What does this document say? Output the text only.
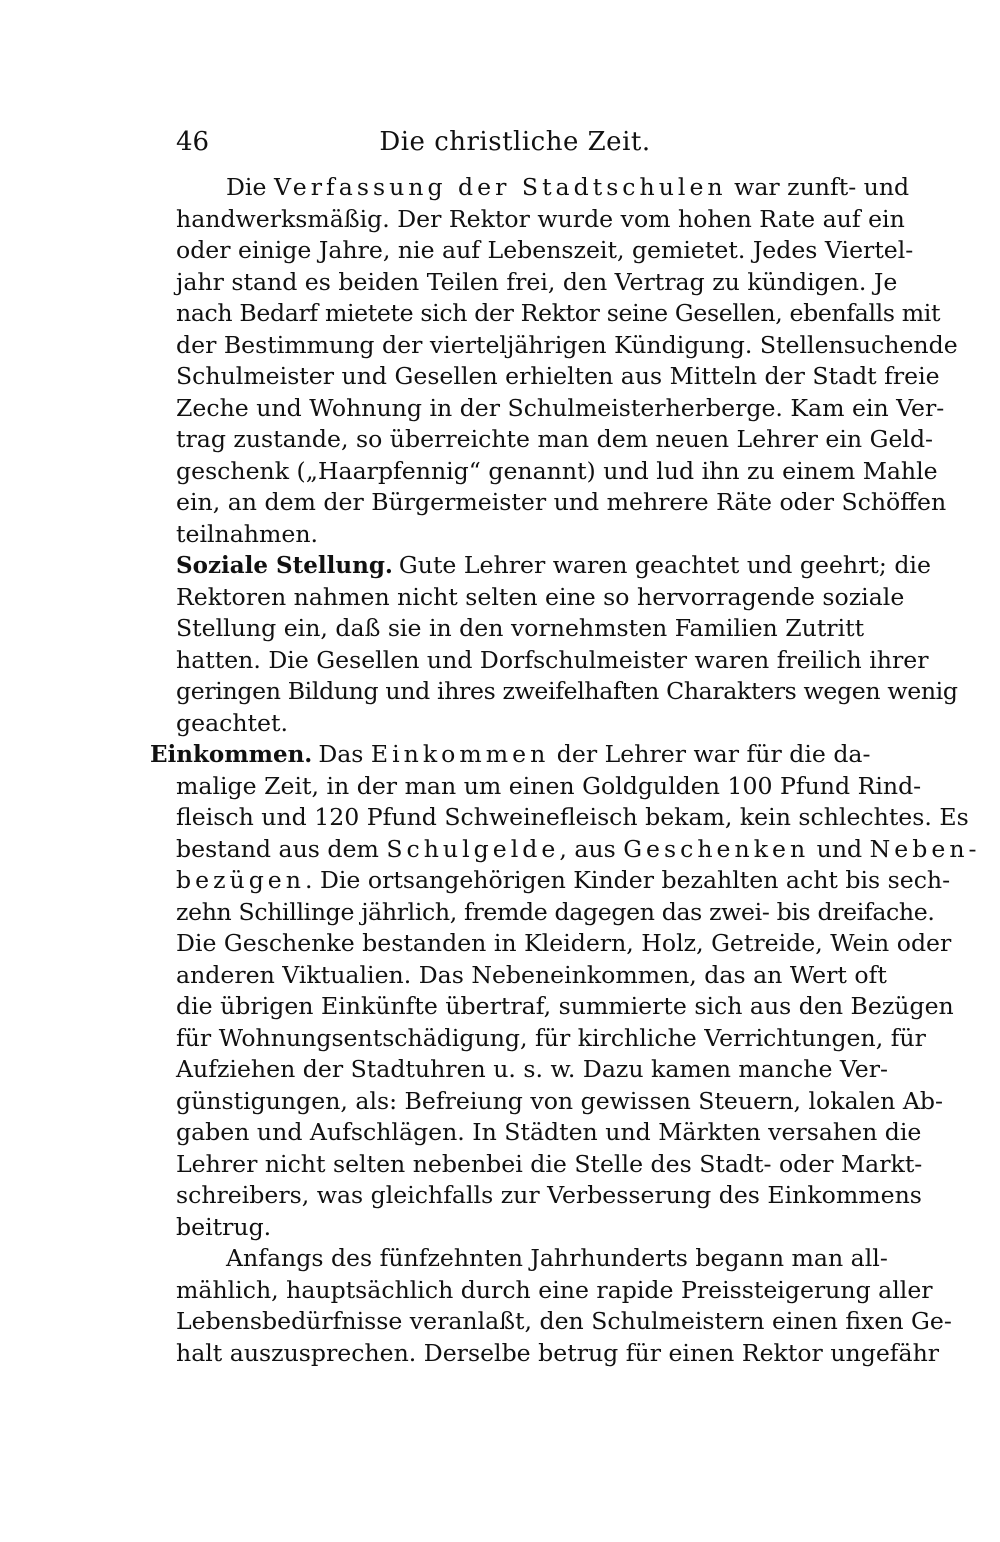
46	Die christliche Zeit.
Die Verfassung der Stadtschulen war zunft- und
handwerksmäßig. Der Rektor wurde vom hohen Rate auf ein
oder einige Jahre, nie auf Lebenszeit, gemietet. Jedes Viertel-
jahr stand es beiden Teilen frei, den Vertrag zu kündigen. Je
nach Bedarf mietete sich der Rektor seine Gesellen, ebenfalls mit
der Bestimmung der vierteljährigen Kündigung. Stellensuchende
Schulmeister und Gesellen erhielten aus Mitteln der Stadt freie
Zeche und Wohnung in der Schulmeisterherberge. Kam ein Ver-
trag zustande, so überreichte man dem neuen Lehrer ein Geld-
geschenk („Haarpfennig“ genannt) und lud ihn zu einem Mahle
ein, an dem der Bürgermeister und mehrere Räte oder Schöffen
teilnahmen.
Soziale Stellung. Gute Lehrer waren geachtet und geehrt; die
Rektoren nahmen nicht selten eine so hervorragende soziale
Stellung ein, daß sie in den vornehmsten Familien Zutritt
hatten. Die Gesellen und Dorfschulmeister waren freilich ihrer
geringen Bildung und ihres zweifelhaften Charakters wegen wenig
geachtet.
Einkommen. Das Einkommen der Lehrer war für die da-
malige Zeit, in der man um einen Goldgulden 100 Pfund Rind-
fleisch und 120 Pfund Schweinefleisch bekam, kein schlechtes. Es
bestand aus dem Schulgelde, aus Geschenken und Neben-
bezügen. Die ortsangehörigen Kinder bezahlten acht bis sech-
zehn Schillinge jährlich, fremde dagegen das zwei- bis dreifache.
Die Geschenke bestanden in Kleidern, Holz, Getreide, Wein oder
anderen Viktualien. Das Nebeneinkommen, das an Wert oft
die übrigen Einkünfte übertraf, summierte sich aus den Bezügen
für Wohnungsentschädigung, für kirchliche Verrichtungen, für
Aufziehen der Stadtuhren u. s. w. Dazu kamen manche Ver-
günstigungen, als: Befreiung von gewissen Steuern, lokalen Ab-
gaben und Aufschlägen. In Städten und Märkten versahen die
Lehrer nicht selten nebenbei die Stelle des Stadt- oder Markt-
schreibers, was gleichfalls zur Verbesserung des Einkommens
beitrug.
Anfangs des fünfzehnten Jahrhunderts begann man all-
mählich, hauptsächlich durch eine rapide Preissteigerung aller
Lebensbedürfnisse veranlaßt, den Schulmeistern einen fixen Ge-
halt auszusprechen. Derselbe betrug für einen Rektor ungefähr
